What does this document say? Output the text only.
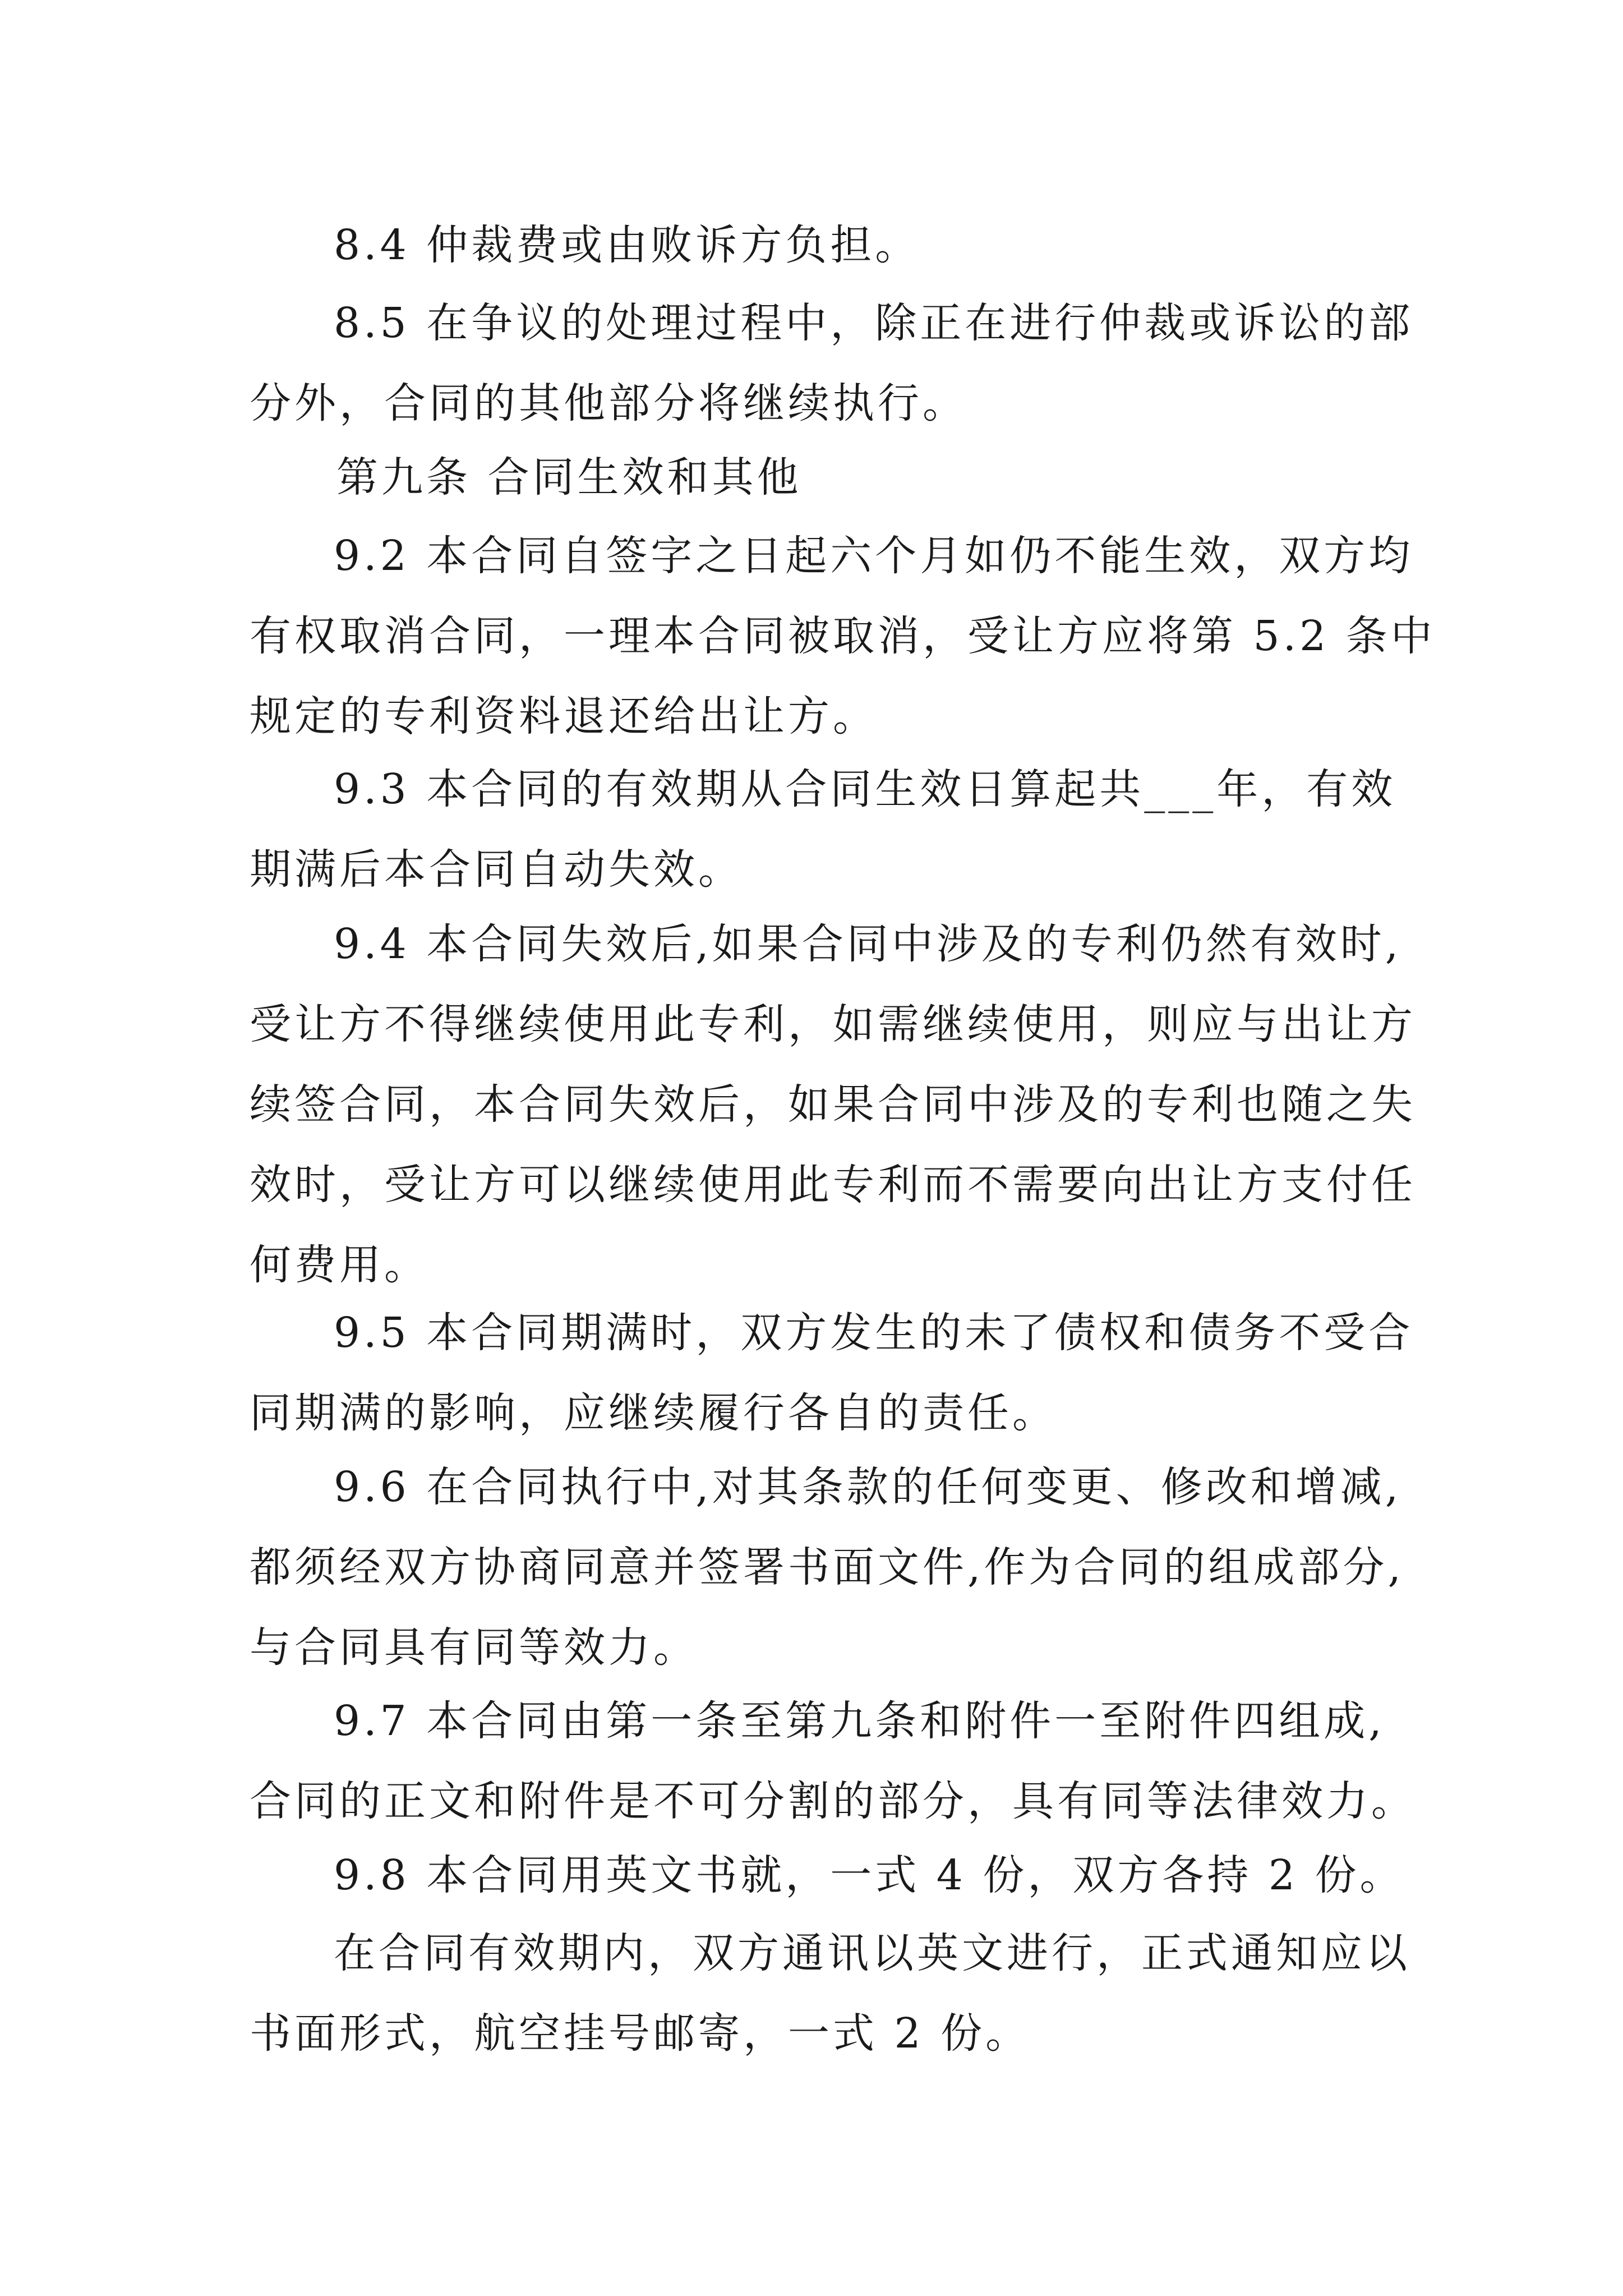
8.4 仲裁费或由败诉方负担。
8.5 在争议的处理过程中，除正在进行仲裁或诉讼的部
分外，合同的其他部分将继续执行。
第九条 合同生效和其他
9.2 本合同自签字之日起六个月如仍不能生效，双方均
有权取消合同，一理本合同被取消，受让方应将第 5.2 条中
规定的专利资料退还给出让方。
9.3 本合同的有效期从合同生效日算起共___年，有效
期满后本合同自动失效。
9.4 本合同失效后,如果合同中涉及的专利仍然有效时,
受让方不得继续使用此专利，如需继续使用，则应与出让方
续签合同，本合同失效后，如果合同中涉及的专利也随之失
效时，受让方可以继续使用此专利而不需要向出让方支付任
何费用。
9.5 本合同期满时，双方发生的未了债权和债务不受合
同期满的影响，应继续履行各自的责任。
9.6 在合同执行中,对其条款的任何变更、修改和增减,
都须经双方协商同意并签署书面文件,作为合同的组成部分,
与合同具有同等效力。
9.7 本合同由第一条至第九条和附件一至附件四组成,
合同的正文和附件是不可分割的部分，具有同等法律效力。
9.8 本合同用英文书就，一式 4 份，双方各持 2 份。
在合同有效期内，双方通讯以英文进行，正式通知应以
书面形式，航空挂号邮寄，一式 2 份。
